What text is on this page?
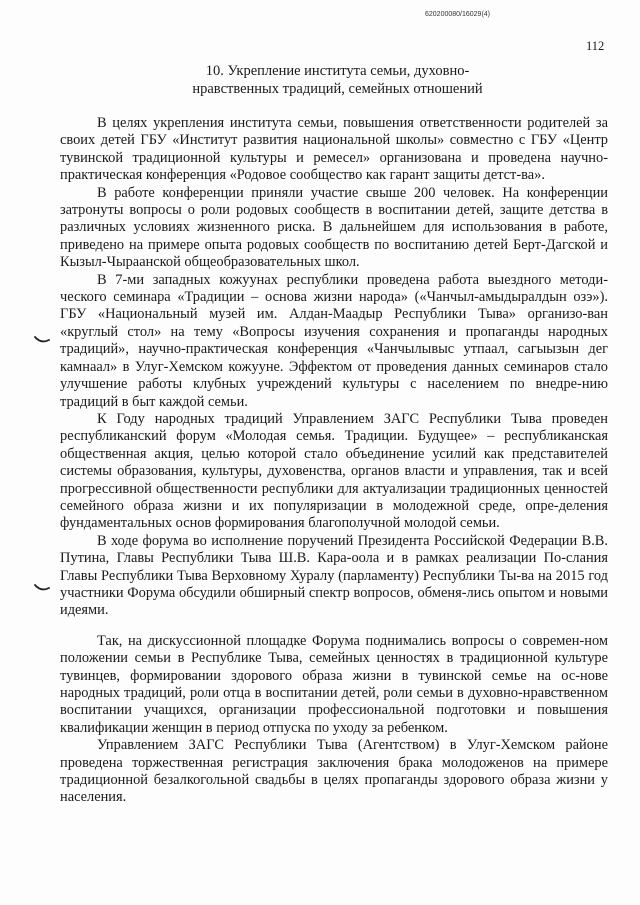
620200080/16029(4)
112
10. Укрепление института семьи, духовно-
нравственных традиций, семейных отношений

В целях укрепления института семьи, повышения ответственности родителей за своих детей ГБУ «Институт развития национальной школы» совместно с ГБУ «Центр тувинской традиционной культуры и ремесел» организована и проведена научно-практическая конференция «Родовое сообщество как гарант защиты детст-ва».

В работе конференции приняли участие свыше 200 человек. На конференции затронуты вопросы о роли родовых сообществ в воспитании детей, защите детства в различных условиях жизненного риска. В дальнейшем для использования в работе, приведено на примере опыта родовых сообществ по воспитанию детей Берт-Дагской и Кызыл-Чыраанской общеобразовательных школ.

В 7-ми западных кожуунах республики проведена работа выездного методи-ческого семинара «Традиции – основа жизни народа» («Чанчыл-амыдыралдын озэ»). ГБУ «Национальный музей им. Алдан-Маадыр Республики Тыва» организо-ван «круглый стол» на тему «Вопросы изучения сохранения и пропаганды народных традиций», научно-практическая конференция «Чанчылывыс утпаал, сагыызын дег камнаал» в Улуг-Хемском кожууне. Эффектом от проведения данных семинаров стало улучшение работы клубных учреждений культуры с населением по внедре-нию традиций в быт каждой семьи.

К Году народных традиций Управлением ЗАГС Республики Тыва проведен республиканский форум «Молодая семья. Традиции. Будущее» – республиканская общественная акция, целью которой стало объединение усилий как представителей системы образования, культуры, духовенства, органов власти и управления, так и всей прогрессивной общественности республики для актуализации традиционных ценностей семейного образа жизни и их популяризации в молодежной среде, опре-деления фундаментальных основ формирования благополучной молодой семьи.

В ходе форума во исполнение поручений Президента Российской Федерации В.В. Путина, Главы Республики Тыва Ш.В. Кара-оола и в рамках реализации По-слания Главы Республики Тыва Верховному Хуралу (парламенту) Республики Ты-ва на 2015 год участники Форума обсудили обширный спектр вопросов, обменя-лись опытом и новыми идеями.

Так, на дискуссионной площадке Форума поднимались вопросы о современ-ном положении семьи в Республике Тыва, семейных ценностях в традиционной культуре тувинцев, формировании здорового образа жизни в тувинской семье на ос-нове народных традиций, роли отца в воспитании детей, роли семьи в духовно-нравственном воспитании учащихся, организации профессиональной подготовки и повышения квалификации женщин в период отпуска по уходу за ребенком.

Управлением ЗАГС Республики Тыва (Агентством) в Улуг-Хемском районе проведена торжественная регистрация заключения брака молодоженов на примере традиционной безалкогольной свадьбы в целях пропаганды здорового образа жизни у населения.
